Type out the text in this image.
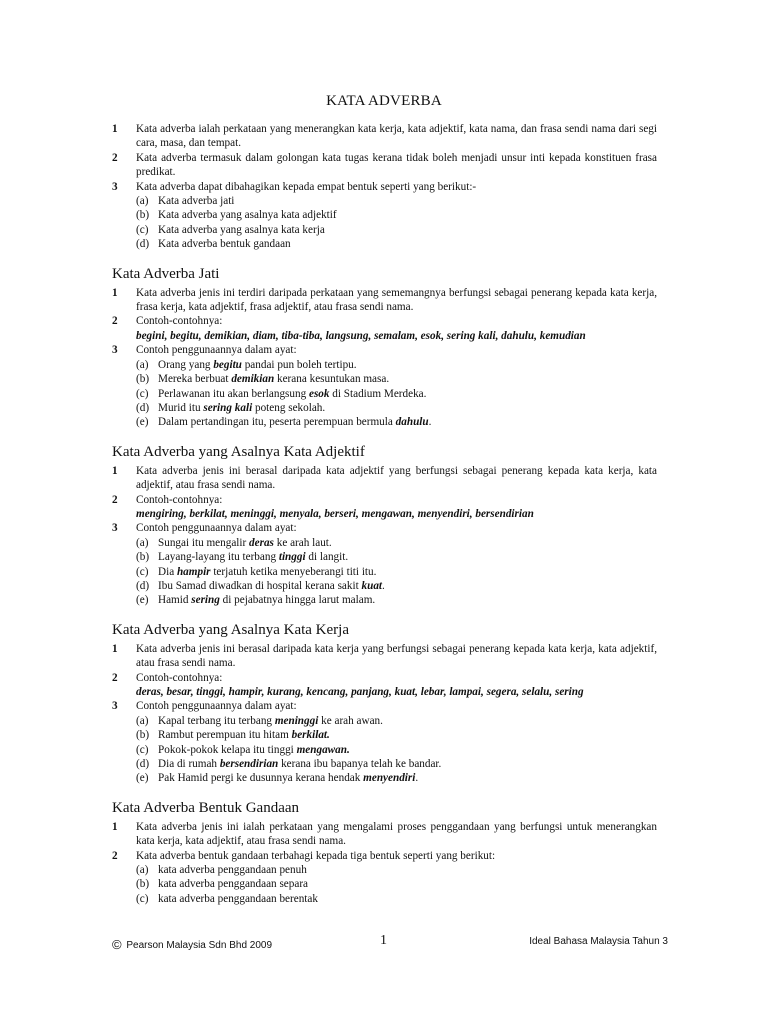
KATA ADVERBA
1 Kata adverba ialah perkataan yang menerangkan kata kerja, kata adjektif, kata nama, dan frasa sendi nama dari segi cara, masa, dan tempat.
2 Kata adverba termasuk dalam golongan kata tugas kerana tidak boleh menjadi unsur inti kepada konstituen frasa predikat.
3 Kata adverba dapat dibahagikan kepada empat bentuk seperti yang berikut:-
(a) Kata adverba jati
(b) Kata adverba yang asalnya kata adjektif
(c) Kata adverba yang asalnya kata kerja
(d) Kata adverba bentuk gandaan
Kata Adverba Jati
1 Kata adverba jenis ini terdiri daripada perkataan yang sememangnya berfungsi sebagai penerang kepada kata kerja, frasa kerja, kata adjektif, frasa adjektif, atau frasa sendi nama.
2 Contoh-contohnya:
begini, begitu, demikian, diam, tiba-tiba, langsung, semalam, esok, sering kali, dahulu, kemudian
3 Contoh penggunaannya dalam ayat:
(a) Orang yang begitu pandai pun boleh tertipu.
(b) Mereka berbuat demikian kerana kesuntukan masa.
(c) Perlawanan itu akan berlangsung esok di Stadium Merdeka.
(d) Murid itu sering kali poteng sekolah.
(e) Dalam pertandingan itu, peserta perempuan bermula dahulu.
Kata Adverba yang Asalnya Kata Adjektif
1 Kata adverba jenis ini berasal daripada kata adjektif yang berfungsi sebagai penerang kepada kata kerja, kata adjektif, atau frasa sendi nama.
2 Contoh-contohnya:
mengiring, berkilat, meninggi, menyala, berseri, mengawan, menyendiri, bersendirian
3 Contoh penggunaannya dalam ayat:
(a) Sungai itu mengalir deras ke arah laut.
(b) Layang-layang itu terbang tinggi di langit.
(c) Dia hampir terjatuh ketika menyeberangi titi itu.
(d) Ibu Samad diwadkan di hospital kerana sakit kuat.
(e) Hamid sering di pejabatnya hingga larut malam.
Kata Adverba yang Asalnya Kata Kerja
1 Kata adverba jenis ini berasal daripada kata kerja yang berfungsi sebagai penerang kepada kata kerja, kata adjektif, atau frasa sendi nama.
2 Contoh-contohnya:
deras, besar, tinggi, hampir, kurang, kencang, panjang, kuat, lebar, lampai, segera, selalu, sering
3 Contoh penggunaannya dalam ayat:
(a) Kapal terbang itu terbang meninggi ke arah awan.
(b) Rambut perempuan itu hitam berkilat.
(c) Pokok-pokok kelapa itu tinggi mengawan.
(d) Dia di rumah bersendirian kerana ibu bapanya telah ke bandar.
(e) Pak Hamid pergi ke dusunnya kerana hendak menyendiri.
Kata Adverba Bentuk Gandaan
1 Kata adverba jenis ini ialah perkataan yang mengalami proses penggandaan yang berfungsi untuk menerangkan kata kerja, kata adjektif, atau frasa sendi nama.
2 Kata adverba bentuk gandaan terbahagi kepada tiga bentuk seperti yang berikut:
(a) kata adverba penggandaan penuh
(b) kata adverba penggandaan separa
(c) kata adverba penggandaan berentak
© Pearson Malaysia Sdn Bhd 2009	1	Ideal Bahasa Malaysia Tahun 3
